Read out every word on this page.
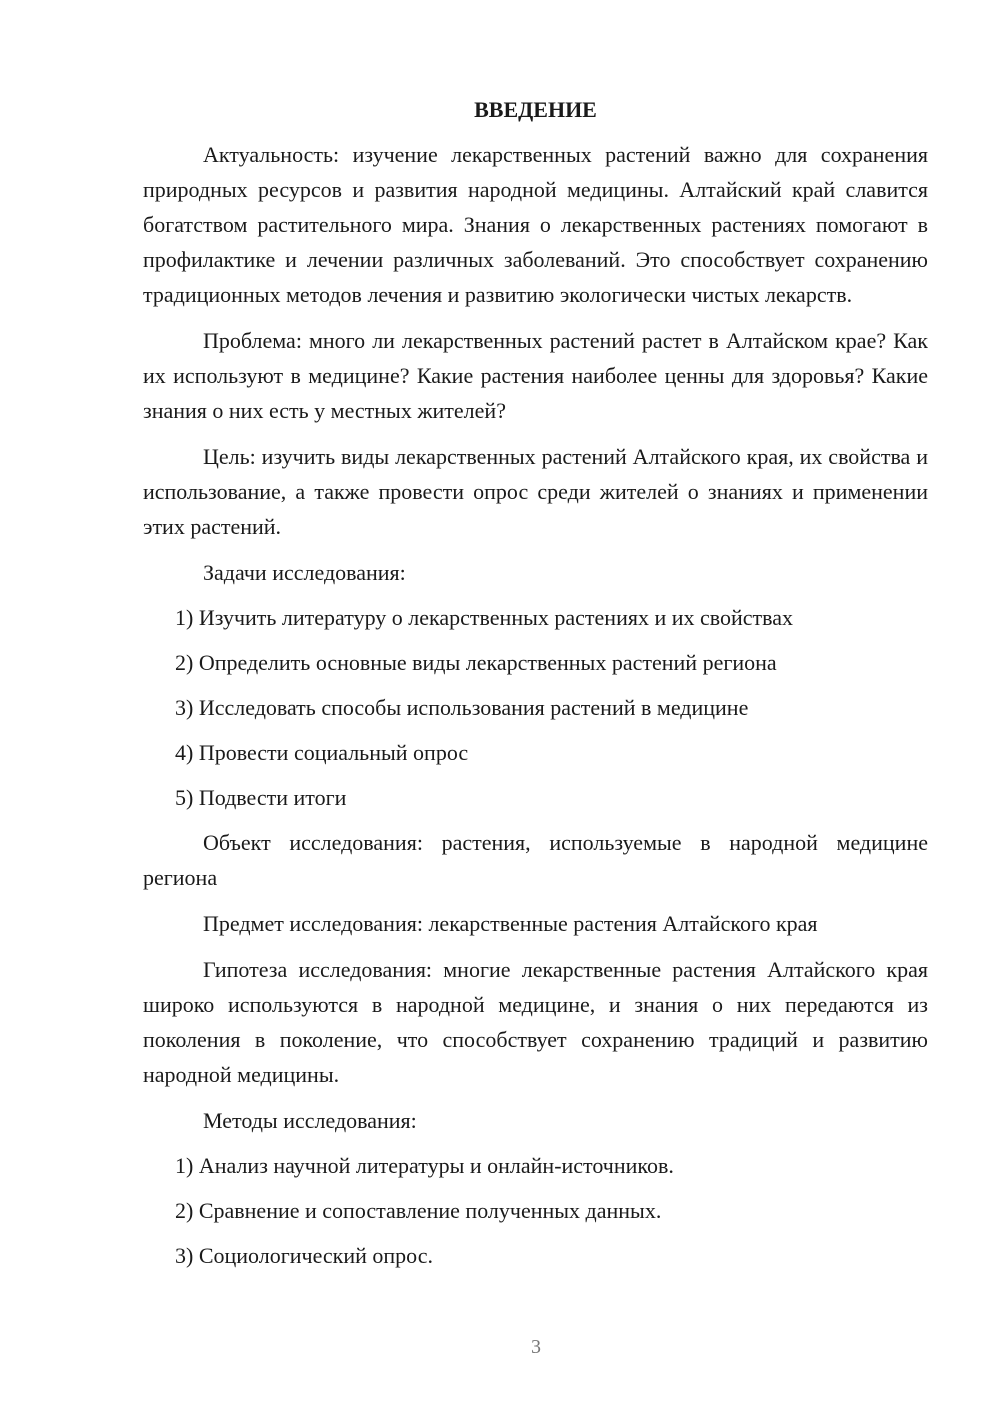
ВВЕДЕНИЕ

Актуальность: изучение лекарственных растений важно для сохранения природных ресурсов и развития народной медицины. Алтайский край славится богатством растительного мира. Знания о лекарственных растениях помогают в профилактике и лечении различных заболеваний. Это способствует сохранению традиционных методов лечения и развитию экологически чистых лекарств.

Проблема: много ли лекарственных растений растет в Алтайском крае? Как их используют в медицине? Какие растения наиболее ценны для здоровья? Какие знания о них есть у местных жителей?

Цель: изучить виды лекарственных растений Алтайского края, их свойства и использование, а также провести опрос среди жителей о знаниях и применении этих растений.

Задачи исследования:
1) Изучить литературу о лекарственных растениях и их свойствах
2) Определить основные виды лекарственных растений региона
3) Исследовать способы использования растений в медицине
4) Провести социальный опрос
5) Подвести итоги

Объект исследования: растения, используемые в народной медицине региона

Предмет исследования: лекарственные растения Алтайского края

Гипотеза исследования: многие лекарственные растения Алтайского края широко используются в народной медицине, и знания о них передаются из поколения в поколение, что способствует сохранению традиций и развитию народной медицины.

Методы исследования:
1) Анализ научной литературы и онлайн-источников.
2) Сравнение и сопоставление полученных данных.
3) Социологический опрос.
3
